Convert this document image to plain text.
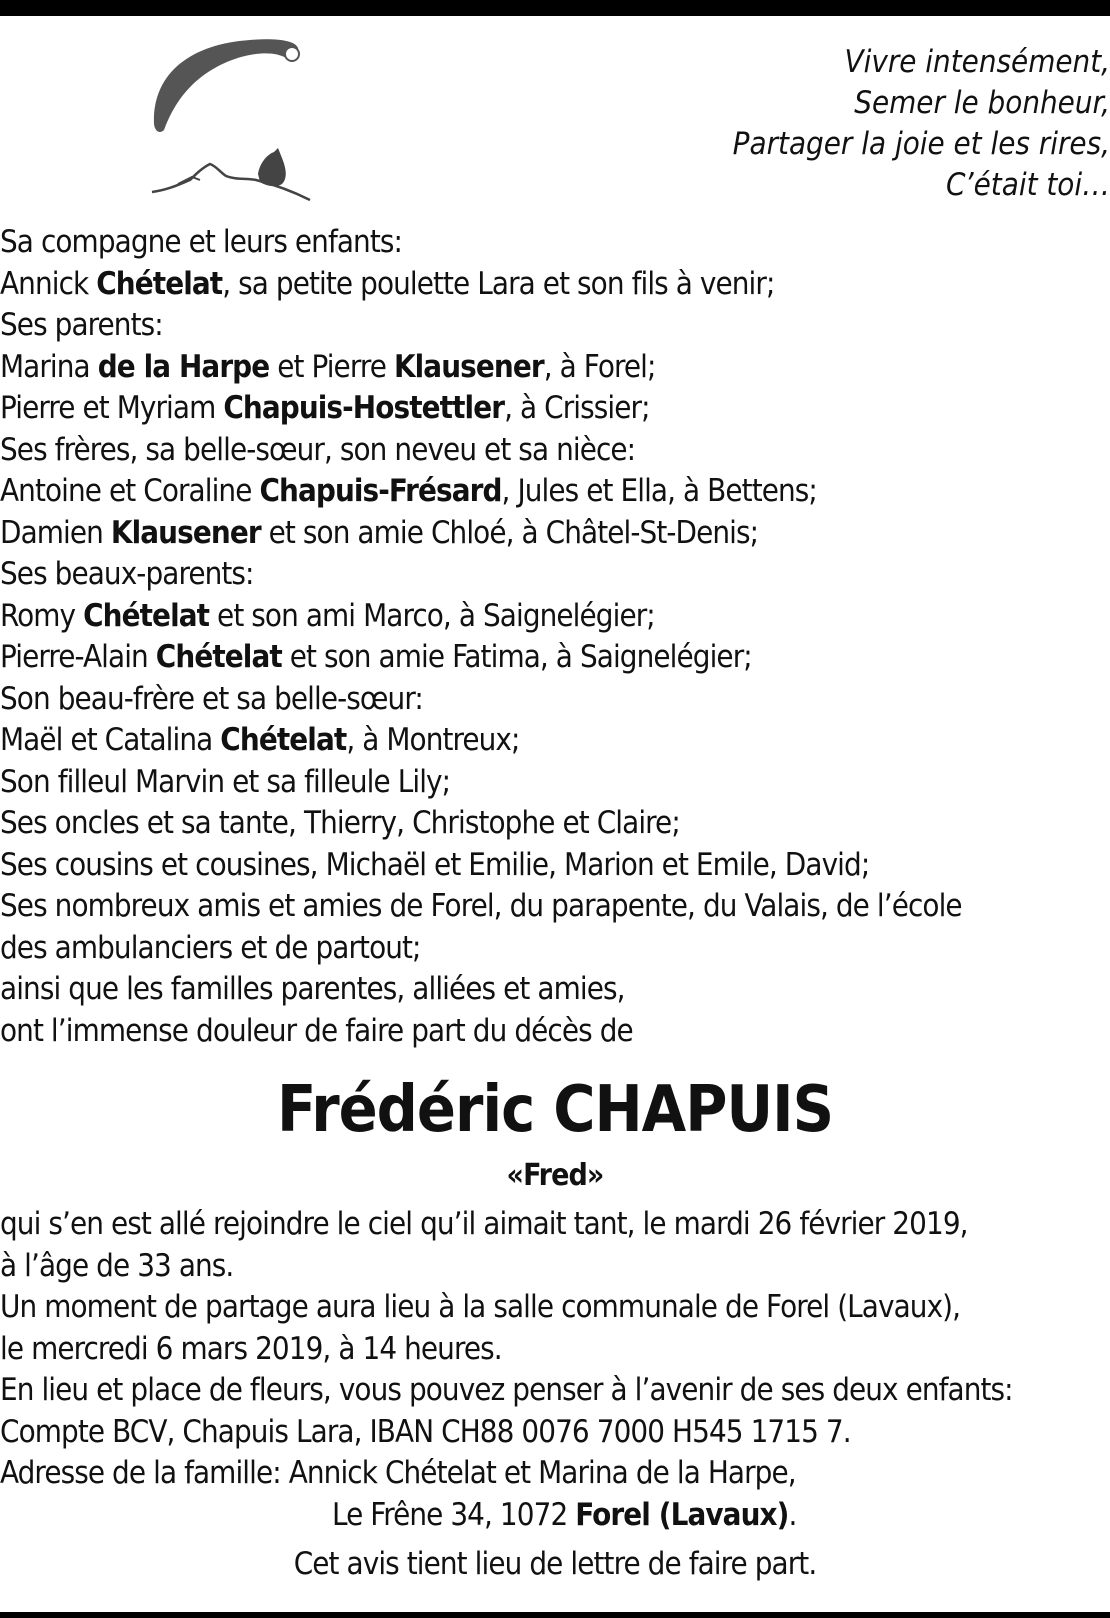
Vivre intensément,
Semer le bonheur,
Partager la joie et les rires,
C’était toi…
Sa compagne et leurs enfants:
Annick Chételat, sa petite poulette Lara et son fils à venir;
Ses parents:
Marina de la Harpe et Pierre Klausener, à Forel;
Pierre et Myriam Chapuis-Hostettler, à Crissier;
Ses frères, sa belle-sœur, son neveu et sa nièce:
Antoine et Coraline Chapuis-Frésard, Jules et Ella, à Bettens;
Damien Klausener et son amie Chloé, à Châtel-St-Denis;
Ses beaux-parents:
Romy Chételat et son ami Marco, à Saignelégier;
Pierre-Alain Chételat et son amie Fatima, à Saignelégier;
Son beau-frère et sa belle-sœur:
Maël et Catalina Chételat, à Montreux;
Son filleul Marvin et sa filleule Lily;
Ses oncles et sa tante, Thierry, Christophe et Claire;
Ses cousins et cousines, Michaël et Emilie, Marion et Emile, David;
Ses nombreux amis et amies de Forel, du parapente, du Valais, de l’école
des ambulanciers et de partout;
ainsi que les familles parentes, alliées et amies,
ont l’immense douleur de faire part du décès de
Frédéric CHAPUIS
«Fred»
qui s’en est allé rejoindre le ciel qu’il aimait tant, le mardi 26 février 2019,
à l’âge de 33 ans.
Un moment de partage aura lieu à la salle communale de Forel (Lavaux),
le mercredi 6 mars 2019, à 14 heures.
En lieu et place de fleurs, vous pouvez penser à l’avenir de ses deux enfants:
Compte BCV, Chapuis Lara, IBAN CH88 0076 7000 H545 1715 7.
Adresse de la famille: Annick Chételat et Marina de la Harpe,
Le Frêne 34, 1072 Forel (Lavaux).
Cet avis tient lieu de lettre de faire part.
